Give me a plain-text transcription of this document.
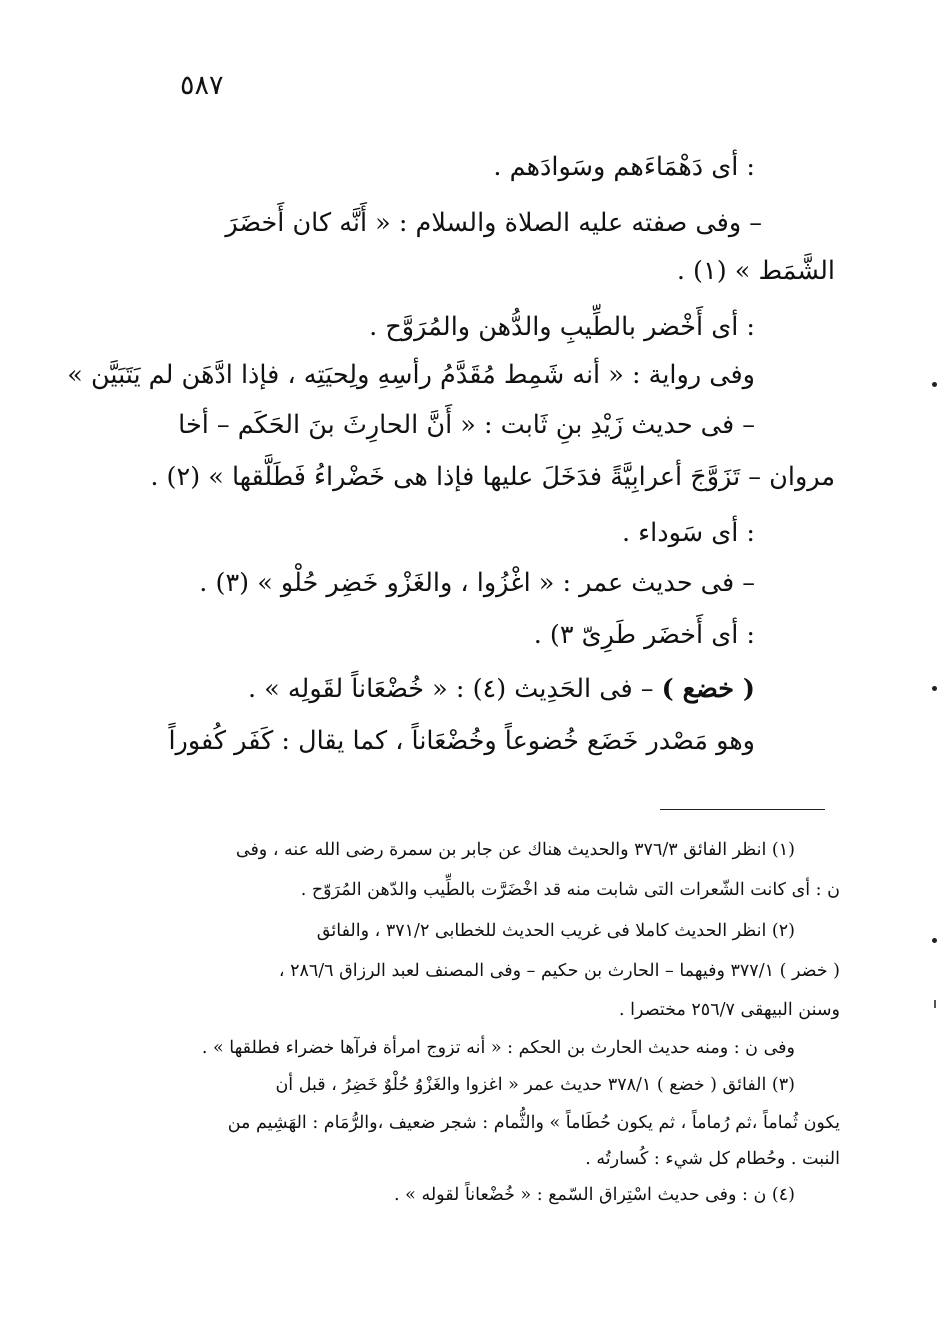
٥٨٧
: أى دَهْمَاءَهم وسَوادَهم .
– وفى صفته عليه الصلاة والسلام : « أَنَّه كان أَخضَرَ
الشَّمَط » (١) .
: أى أَخْضر بالطِّيبِ والدُّهن والمُرَوَّح .
وفى رواية : « أنه شَمِط مُقَدَّمُ رأسِهِ ولِحيَتِه ، فإذا ادَّهَن لم يَتَبَيَّن »
– فى حديث زَيْدِ بنِ ثَابت : « أَنَّ الحارِثَ بنَ الحَكَم – أخا
مروان – تَزَوَّجَ أعرابِيَّةً فدَخَلَ عليها فإذا هى خَضْراءُ فَطَلَّقها » (٢) .
: أى سَوداء .
– فى حديث عمر : « اغْزُوا ، والغَزْو خَضِر حُلْو » (٣) .
: أى أَخضَر طَرِىّ ٣) .
( خضع ) – فى الحَدِيث (٤) : « خُضْعَاناً لقَولِه » .
وهو مَصْدر خَضَع خُضوعاً وخُضْعَاناً ، كما يقال : كَفَر كُفوراً
(١) انظر الفائق ٣٧٦/٣ والحديث هناك عن جابر بن سمرة رضى الله عنه ، وفى
ن : أى كانت الشّعرات التى شابت منه قد اخْضَرَّت بالطِّيب والدّهن المُرَوّح .
(٢) انظر الحديث كاملا فى غريب الحديث للخطابى ٣٧١/٢ ، والفائق
( خضر ) ٣٧٧/١ وفيهما – الحارث بن حكيم – وفى المصنف لعبد الرزاق ٢٨٦/٦ ،
وسنن البيهقى ٢٥٦/٧ مختصرا .
وفى ن : ومنه حديث الحارث بن الحكم : « أنه تزوج امرأة فرآها خضراء فطلقها » .
(٣) الفائق ( خضع ) ٣٧٨/١ حديث عمر « اغزوا والغَزْوُ حُلْوٌ خَضِرُ ، قبل أن
يكون ثُماماً ،ثم رُماماً ، ثم يكون حُطَاماً » والثُّمام : شجر ضعيف ،والرُّمَام : الهَشِيم من
النبت . وحُطام كل شيء : كُسارتُه .
(٤) ن : وفى حديث اسْتِراق السّمع : « خُضْعاناً لقوله » .
